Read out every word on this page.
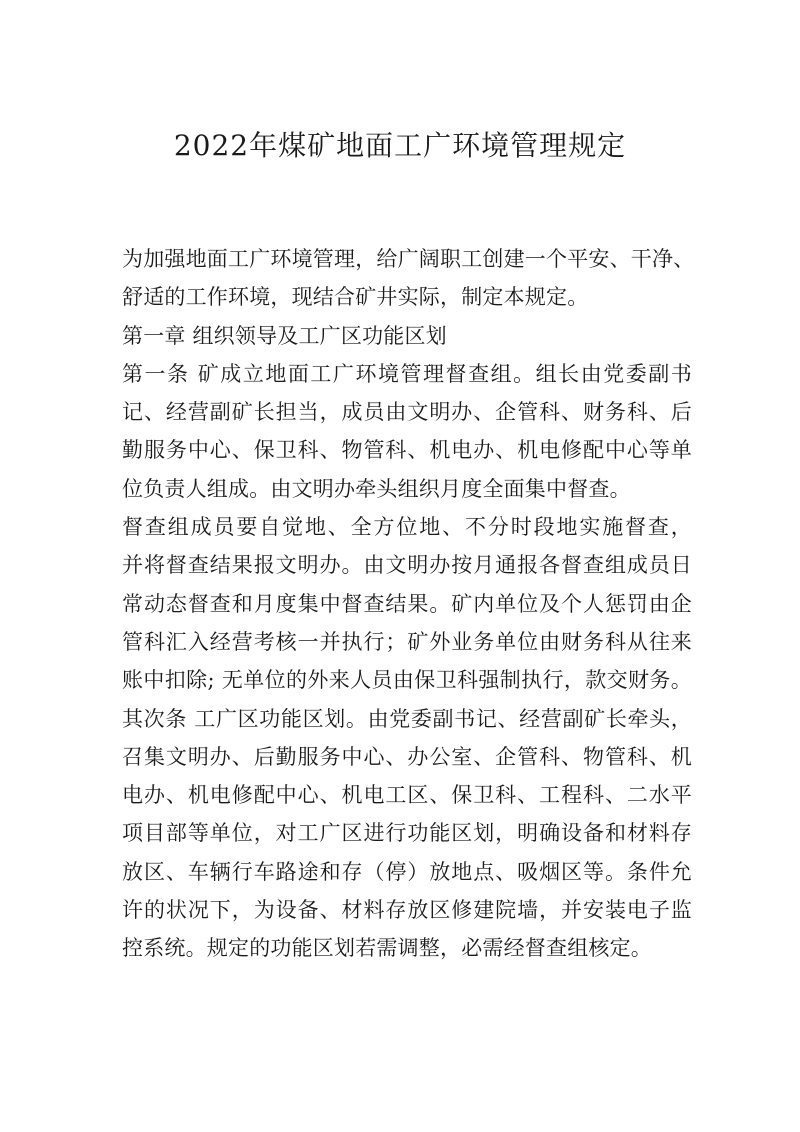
2022年煤矿地面工广环境管理规定
为加强地面工广环境管理，给广阔职工创建一个平安、干净、
舒适的工作环境，现结合矿井实际，制定本规定。
第一章 组织领导及工广区功能区划
第一条 矿成立地面工广环境管理督查组。组长由党委副书
记、经营副矿长担当，成员由文明办、企管科、财务科、后
勤服务中心、保卫科、物管科、机电办、机电修配中心等单
位负责人组成。由文明办牵头组织月度全面集中督查。
督查组成员要自觉地、全方位地、不分时段地实施督查，
并将督查结果报文明办。由文明办按月通报各督查组成员日
常动态督查和月度集中督查结果。矿内单位及个人惩罚由企
管科汇入经营考核一并执行；矿外业务单位由财务科从往来
账中扣除; 无单位的外来人员由保卫科强制执行，款交财务。
其次条 工广区功能区划。由党委副书记、经营副矿长牵头，
召集文明办、后勤服务中心、办公室、企管科、物管科、机
电办、机电修配中心、机电工区、保卫科、工程科、二水平
项目部等单位，对工广区进行功能区划，明确设备和材料存
放区、车辆行车路途和存（停）放地点、吸烟区等。条件允
许的状况下，为设备、材料存放区修建院墙，并安装电子监
控系统。规定的功能区划若需调整，必需经督查组核定。
